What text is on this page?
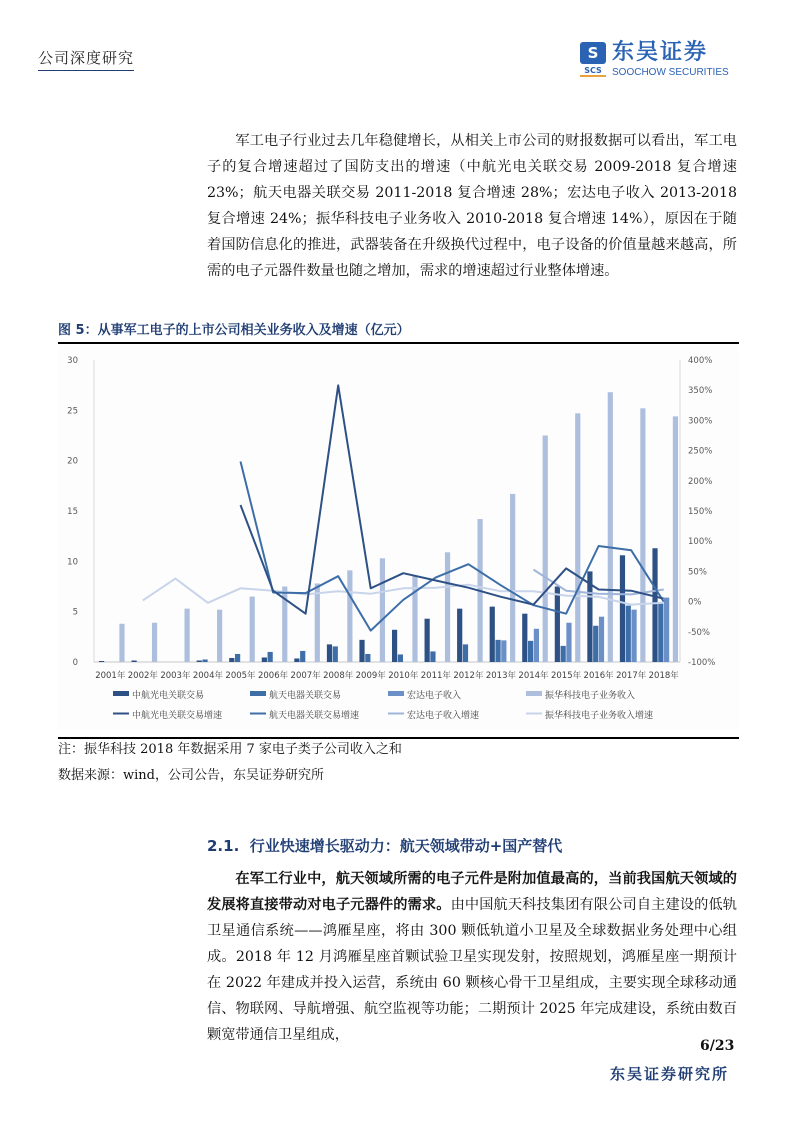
公司深度研究	S
SCS
东吴证券
SOOCHOW SECURITIES

军工电子行业过去几年稳健增长，从相关上市公司的财报数据可以看出，军工电子的复合增速超过了国防支出的增速（中航光电关联交易 2009-2018 复合增速 23%；航天电器关联交易 2011-2018 复合增速 28%；宏达电子收入 2013-2018 复合增速 24%；振华科技电子业务收入 2010-2018 复合增速 14%），原因在于随着国防信息化的推进，武器装备在升级换代过程中，电子设备的价值量越来越高，所需的电子元器件数量也随之增加，需求的增速超过行业整体增速。

图 5：从事军工电子的上市公司相关业务收入及增速（亿元）
0
5
10
15
20
25
30
-100%
-50%
0%
50%
100%
150%
200%
250%
300%
350%
400%
2001年 2002年 2003年 2004年 2005年 2006年 2007年 2008年 2009年 2010年 2011年 2012年 2013年 2014年 2015年 2016年 2017年 2018年
中航光电关联交易	航天电器关联交易	宏达电子收入	振华科技电子业务收入
中航光电关联交易增速	航天电器关联交易增速	宏达电子收入增速	振华科技电子业务收入增速
注：振华科技 2018 年数据采用 7 家电子类子公司收入之和
数据来源：wind，公司公告，东吴证券研究所
2.1. 行业快速增长驱动力：航天领域带动+国产替代

在军工行业中，航天领域所需的电子元件是附加值最高的，当前我国航天领域的发展将直接带动对电子元器件的需求。由中国航天科技集团有限公司自主建设的低轨卫星通信系统——鸿雁星座，将由 300 颗低轨道小卫星及全球数据业务处理中心组成。2018 年 12 月鸿雁星座首颗试验卫星实现发射，按照规划，鸿雁星座一期预计在 2022 年建成并投入运营，系统由 60 颗核心骨干卫星组成，主要实现全球移动通信、物联网、导航增强、航空监视等功能；二期预计 2025 年完成建设，系统由数百颗宽带通信卫星组成，

6/23
东吴证券研究所
